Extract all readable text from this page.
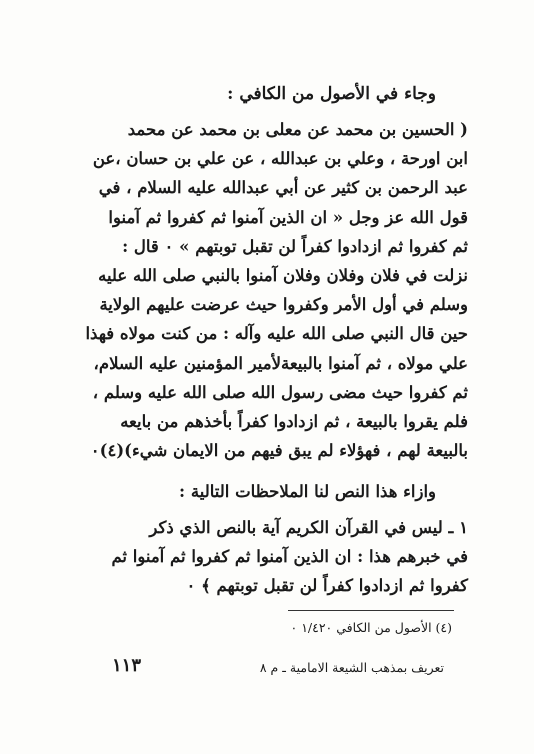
وجاء في الأصول من الكافي :
( الحسين بن محمد عن معلى بن محمد عن محمد
ابن اورحة ، وعلي بن عبدالله ، عن علي بن حسان ،عن
عبد الرحمن بن كثير عن أبي عبدالله عليه السلام ، في
قول الله عز وجل « ان الذين آمنوا ثم كفروا ثم آمنوا
ثم كفروا ثم ازدادوا كفراً لن تقبل توبتهم » ٠ قال :
نزلت في فلان وفلان وفلان آمنوا بالنبي صلى الله عليه
وسلم في أول الأمر وكفروا حيث عرضت عليهم الولاية
حين قال النبي صلى الله عليه وآله : من كنت مولاه فهذا
علي مولاه ، ثم آمنوا بالبيعةلأمير المؤمنين عليه السلام،
ثم كفروا حيث مضى رسول الله صلى الله عليه وسلم ،
فلم يقروا بالبيعة ، ثم ازدادوا كفراً بأخذهم من بايعه
بالبيعة لهم ، فهؤلاء لم يبق فيهم من الايمان شيء)(٤)٠
وازاء هذا النص لنا الملاحظات التالية :
١ ـ ليس في القرآن الكريم آية بالنص الذي ذكر
في خبرهم هذا : ان الذين آمنوا ثم كفروا ثم آمنوا ثم
كفروا ثم ازدادوا كفراً لن تقبل توبتهم ﴾ ٠
(٤) الأصول من الكافي ١/٤٢٠ ٠
تعريف بمذهب الشيعة الامامية ـ م ٨
١١٣
